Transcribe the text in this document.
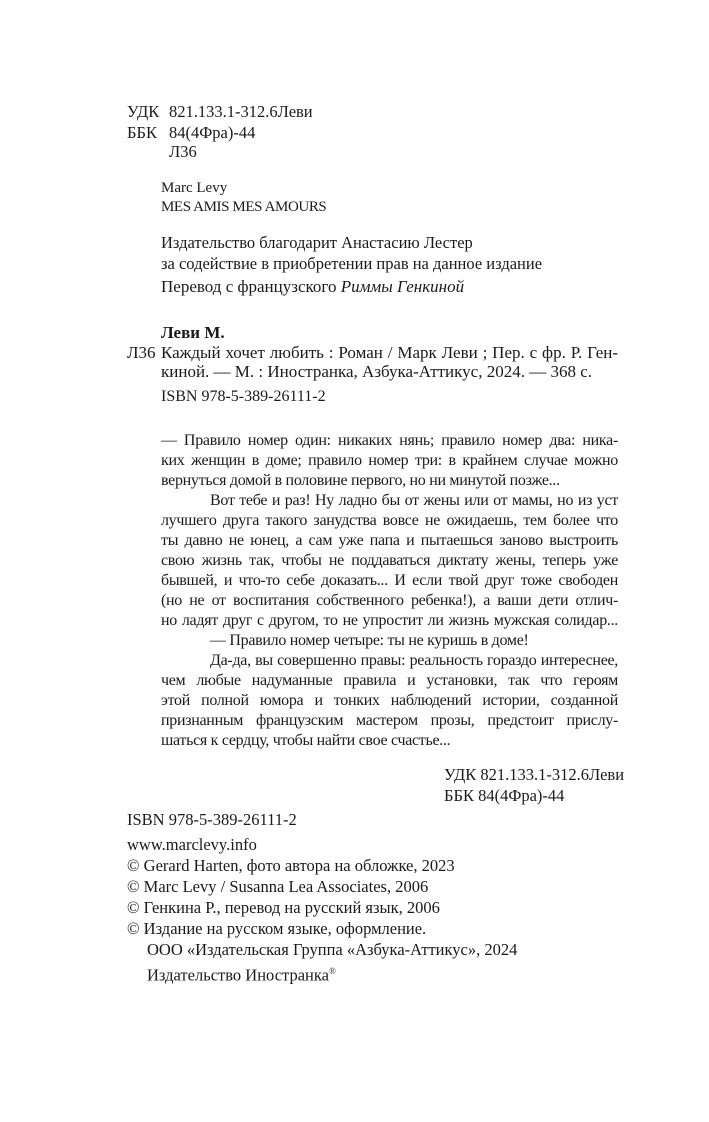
УДК 821.133.1-312.6Леви
ББК 84(4Фра)-44
Л36
Marc Levy
MES AMIS MES AMOURS
Издательство благодарит Анастасию Лестер
за содействие в приобретении прав на данное издание
Перевод с французского Риммы Генкиной
Леви М.
Л36 Каждый хочет любить : Роман / Марк Леви ; Пер. с фр. Р. Ген-
киной. — М. : Иностранка, Азбука-Аттикус, 2024. — 368 с.
ISBN 978-5-389-26111-2
— Правило номер один: никаких нянь; правило номер два: ника-
ких женщин в доме; правило номер три: в крайнем случае можно
вернуться домой в половине первого, но ни минутой позже...
Вот тебе и раз! Ну ладно бы от жены или от мамы, но из уст
лучшего друга такого занудства вовсе не ожидаешь, тем более что
ты давно не юнец, а сам уже папа и пытаешься заново выстроить
свою жизнь так, чтобы не поддаваться диктату жены, теперь уже
бывшей, и что-то себе доказать... И если твой друг тоже свободен
(но не от воспитания собственного ребенка!), а ваши дети отлич-
но ладят друг с другом, то не упростит ли жизнь мужская солидар...
— Правило номер четыре: ты не куришь в доме!
Да-да, вы совершенно правы: реальность гораздо интереснее,
чем любые надуманные правила и установки, так что героям
этой полной юмора и тонких наблюдений истории, созданной
признанным французским мастером прозы, предстоит прислу-
шаться к сердцу, чтобы найти свое счастье...
УДК 821.133.1-312.6Леви
ББК 84(4Фра)-44
ISBN 978-5-389-26111-2
www.marclevy.info
© Gerard Harten, фото автора на обложке, 2023
© Marc Levy / Susanna Lea Associates, 2006
© Генкина Р., перевод на русский язык, 2006
© Издание на русском языке, оформление.
ООО «Издательская Группа «Азбука-Аттикус», 2024
Издательство Иностранка®
